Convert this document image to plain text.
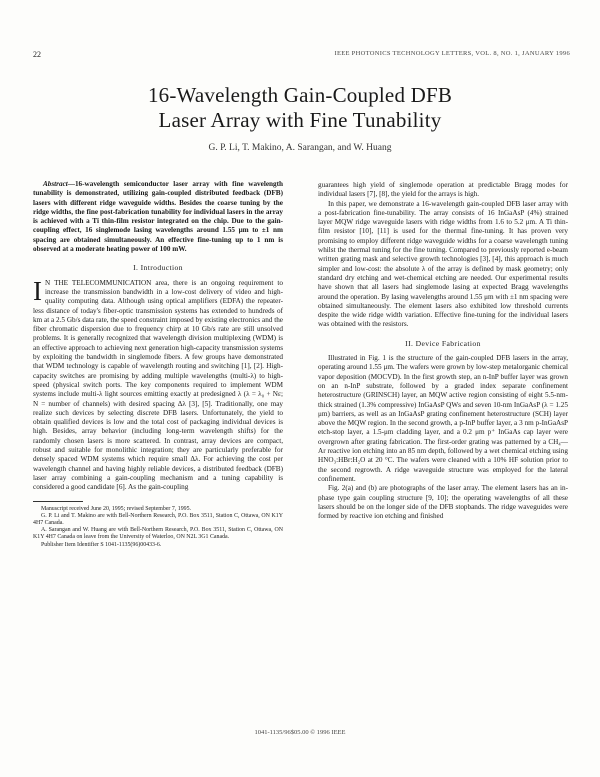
22	IEEE PHOTONICS TECHNOLOGY LETTERS, VOL. 8, NO. 1, JANUARY 1996
16-Wavelength Gain-Coupled DFB
Laser Array with Fine Tunability
G. P. Li, T. Makino, A. Sarangan, and W. Huang

Abstract—16-wavelength semiconductor laser array with fine wavelength tunability is demonstrated, utilizing gain-coupled distributed feedback (DFB) lasers with different ridge waveguide widths. Besides the coarse tuning by the ridge widths, the fine post-fabrication tunability for individual lasers in the array is achieved with a Ti thin-film resistor integrated on the chip. Due to the gain-coupling effect, 16 singlemode lasing wavelengths around 1.55 μm to ±1 nm spacing are obtained simultaneously. An effective fine-tuning up to 1 nm is observed at a moderate heating power of 100 mW.

I. Introduction

I N THE TELECOMMUNICATION area, there is an ongoing requirement to increase the transmission bandwidth in a low-cost delivery of video and high-quality computing data. Although using optical amplifiers (EDFA) the repeater-less distance of today's fiber-optic transmission systems has extended to hundreds of km at a 2.5 Gb/s data rate, the speed constraint imposed by existing electronics and the fiber chromatic dispersion due to frequency chirp at 10 Gb/s rate are still unsolved problems. It is generally recognized that wavelength division multiplexing (WDM) is an effective approach to achieving next generation high-capacity transmission systems by exploiting the bandwidth in singlemode fibers. A few groups have demonstrated that WDM technology is capable of wavelength routing and switching [1], [2]. High-capacity switches are promising by adding multiple wavelengths (multi-λ) to high-speed (physical switch ports. The key components required to implement WDM systems include multi-λ light sources emitting exactly at predesigned λ (λ = λ₀ + Nε; N = number of channels) with desired spacing Δλ [3], [5]. Traditionally, one may realize such devices by selecting discrete DFB lasers. Unfortunately, the yield to obtain qualified devices is low and the total cost of packaging individual devices is high. Besides, array behavior (including long-term wavelength shifts) for the randomly chosen lasers is more scattered. In contrast, array devices are compact, robust and suitable for monolithic integration; they are particularly preferable for densely spaced WDM systems which require small Δλ. For achieving the cost per wavelength channel and having highly reliable devices, a distributed feedback (DFB) laser array combining a gain-coupling mechanism and a tuning capability is considered a good candidate [6]. As the gain-coupling

Manuscript received June 20, 1995; revised September 7, 1995.
G. P. Li and T. Makino are with Bell-Northern Research, P.O. Box 3511, Station C, Ottawa, ON K1Y 4H7 Canada.
A. Sarangan and W. Huang are with Bell-Northern Research, P.O. Box 3511, Station C, Ottawa, ON K1Y 4H7 Canada on leave from the University of Waterloo, ON N2L 3G1 Canada.
Publisher Item Identifier S 1041-1135(96)00433-6.

guarantees high yield of singlemode operation at predictable Bragg modes for individual lasers [7], [8], the yield for the arrays is high.

In this paper, we demonstrate a 16-wavelength gain-coupled DFB laser array with a post-fabrication fine-tunability. The array consists of 16 InGaAsP (4%) strained layer MQW ridge waveguide lasers with ridge widths from 1.6 to 5.2 μm. A Ti thin-film resistor [10], [11] is used for the thermal fine-tuning. It has proven very promising to employ different ridge waveguide widths for a coarse wavelength tuning whilst the thermal tuning for the fine tuning. Compared to previously reported e-beam written grating mask and selective growth technologies [3], [4], this approach is much simpler and low-cost: the absolute λ of the array is defined by mask geometry; only standard dry etching and wet-chemical etching are needed. Our experimental results have shown that all lasers had singlemode lasing at expected Bragg wavelengths around the operation. By lasing wavelengths around 1.55 μm with ±1 nm spacing were obtained simultaneously. The element lasers also exhibited low threshold currents despite the wide ridge width variation. Effective fine-tuning for the individual lasers was obtained with the resistors.

II. Device Fabrication

Illustrated in Fig. 1 is the structure of the gain-coupled DFB lasers in the array, operating around 1.55 μm. The wafers were grown by low-step metalorganic chemical vapor deposition (MOCVD). In the first growth step, an n-InP buffer layer was grown on an n-InP substrate, followed by a graded index separate confinement heterostructure (GRINSCH) layer, an MQW active region consisting of eight 5.5-nm-thick strained (1.3% compressive) InGaAsP QWs and seven 10-nm InGaAsP (λ = 1.25 μm) barriers, as well as an InGaAsP grating confinement heterostructure (SCH) layer above the MQW region. In the second growth, a p-InP buffer layer, a 3 nm p-InGaAsP etch-stop layer, a 1.5-μm cladding layer, and a 0.2 μm p⁺ InGaAs cap layer were overgrown after grating fabrication. The first-order grating was patterned by a CH₄—Ar reactive ion etching into an 85 nm depth, followed by a wet chemical etching using HNO₃:HBr:H₂O at 20 °C. The wafers were cleaned with a 10% HF solution prior to the second regrowth. A ridge waveguide structure was employed for the lateral confinement.

Fig. 2(a) and (b) are photographs of the laser array. The element lasers has an in-phase type gain coupling structure [9, 10]; the operating wavelengths of all these lasers should be on the longer side of the DFB stopbands. The ridge waveguides were formed by reactive ion etching and finished

1041-1135/96$05.00 © 1996 IEEE
